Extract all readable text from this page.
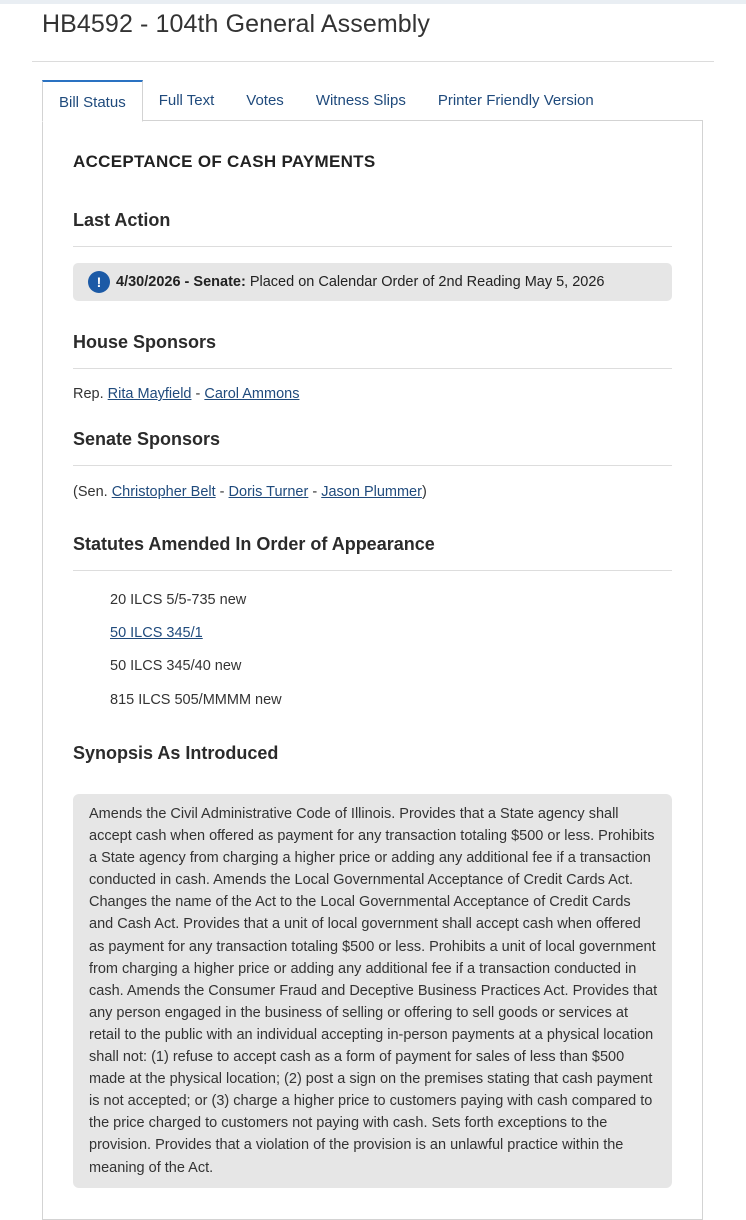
HB4592 - 104th General Assembly
Bill Status	Full Text	Votes	Witness Slips	Printer Friendly Version
ACCEPTANCE OF CASH PAYMENTS
Last Action
!	4/30/2026 - Senate:
Placed on Calendar Order of 2nd Reading May 5, 2026
House Sponsors
Rep. Rita Mayfield - Carol Ammons
Senate Sponsors
(Sen. Christopher Belt - Doris Turner - Jason Plummer)
Statutes Amended In Order of Appearance
20 ILCS 5/5-735 new
50 ILCS 345/1
50 ILCS 345/40 new
815 ILCS 505/MMMM new
Synopsis As Introduced
Amends the Civil Administrative Code of Illinois. Provides that a State agency shall accept cash when offered as payment for any transaction totaling $500 or less. Prohibits a State agency from charging a higher price or adding any additional fee if a transaction conducted in cash. Amends the Local Governmental Acceptance of Credit Cards Act. Changes the name of the Act to the Local Governmental Acceptance of Credit Cards and Cash Act. Provides that a unit of local government shall accept cash when offered as payment for any transaction totaling $500 or less. Prohibits a unit of local government from charging a higher price or adding any additional fee if a transaction conducted in cash. Amends the Consumer Fraud and Deceptive Business Practices Act. Provides that any person engaged in the business of selling or offering to sell goods or services at retail to the public with an individual accepting in-person payments at a physical location shall not: (1) refuse to accept cash as a form of payment for sales of less than $500 made at the physical location; (2) post a sign on the premises stating that cash payment is not accepted; or (3) charge a higher price to customers paying with cash compared to the price charged to customers not paying with cash. Sets forth exceptions to the provision. Provides that a violation of the provision is an unlawful practice within the meaning of the Act.
